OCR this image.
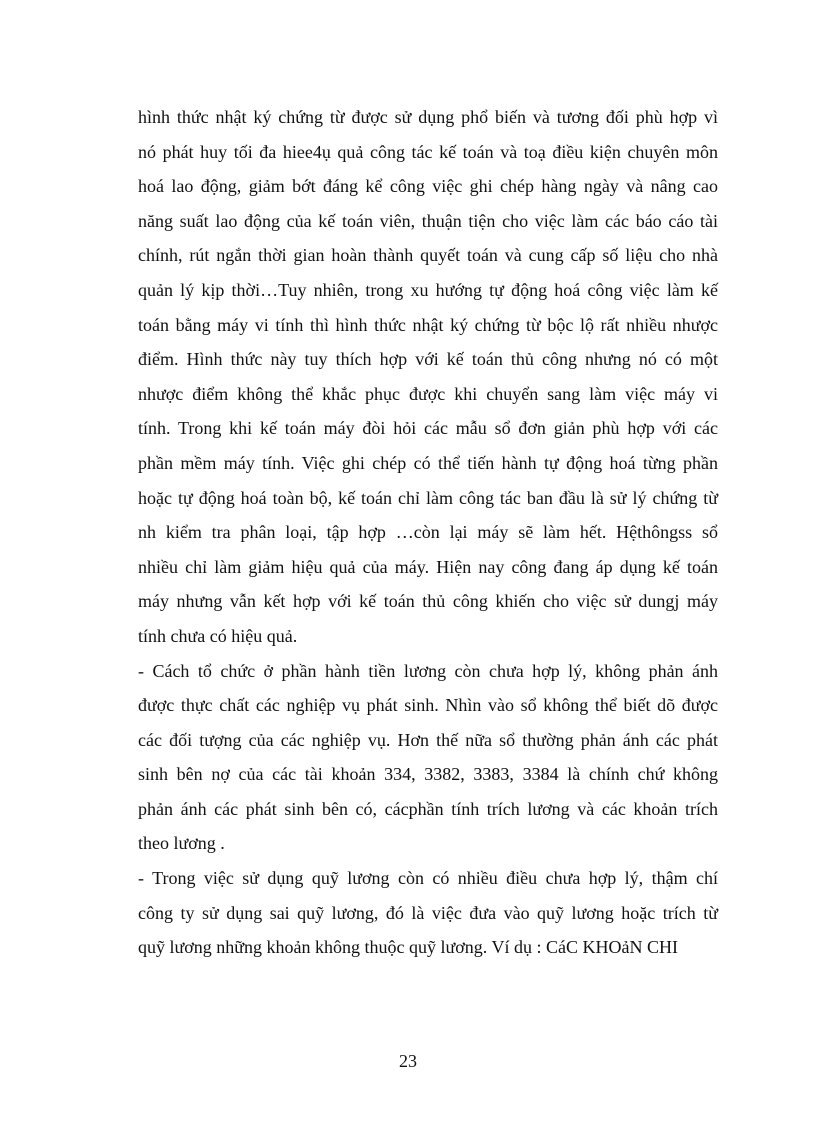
hình thức nhật ký chứng từ được sử dụng phổ biến và tương đối phù hợp vì
nó phát huy tối đa hiee4ụ quả công tác kế toán và toạ điều kiện chuyên môn
hoá lao động, giảm bớt đáng kể công việc ghi chép hàng ngày và nâng cao
năng suất lao động của kế toán viên, thuận tiện cho việc làm các báo cáo tài
chính, rút ngắn thời gian hoàn thành quyết toán và cung cấp số liệu cho nhà
quản lý kịp thời…Tuy nhiên, trong xu hướng tự động hoá công việc làm kế
toán bằng máy vi tính thì hình thức nhật ký chứng từ bộc lộ rất nhiều nhược
điểm. Hình thức này tuy thích hợp với kế toán thủ công nhưng nó có một
nhược điểm không thể khắc phục được khi chuyển sang làm việc máy vi
tính. Trong khi kế toán máy đòi hỏi các mẫu sổ đơn giản phù hợp với các
phần mềm máy tính. Việc ghi chép có thể tiến hành tự động hoá từng phần
hoặc tự động hoá toàn bộ, kế toán chỉ làm công tác ban đầu là sử lý chứng từ
nh kiểm tra phân loại, tập hợp …còn lại máy sẽ làm hết. Hệthôngss sổ
nhiều chỉ làm giảm hiệu quả của máy. Hiện nay công đang áp dụng kế toán
máy nhưng vẫn kết hợp với kế toán thủ công khiến cho việc sử dungj máy
tính chưa có hiệu quả.
- Cách tổ chức ở phần hành tiền lương còn chưa hợp lý, không phản ánh
được thực chất các nghiệp vụ phát sinh. Nhìn vào sổ không thể biết dõ được
các đối tượng của các nghiệp vụ. Hơn thế nữa sổ thường phản ánh các phát
sinh bên nợ của các tài khoản 334, 3382, 3383, 3384 là chính chứ không
phản ánh các phát sinh bên có, cácphần tính trích lương và các khoản trích
theo lương .
- Trong việc sử dụng quỹ lương còn có nhiều điều chưa hợp lý, thậm chí
công ty sử dụng sai quỹ lương, đó là việc đưa vào quỹ lương hoặc trích từ
quỹ lương những khoản không thuộc quỹ lương. Ví dụ : CáC KHOảN CHI
23
